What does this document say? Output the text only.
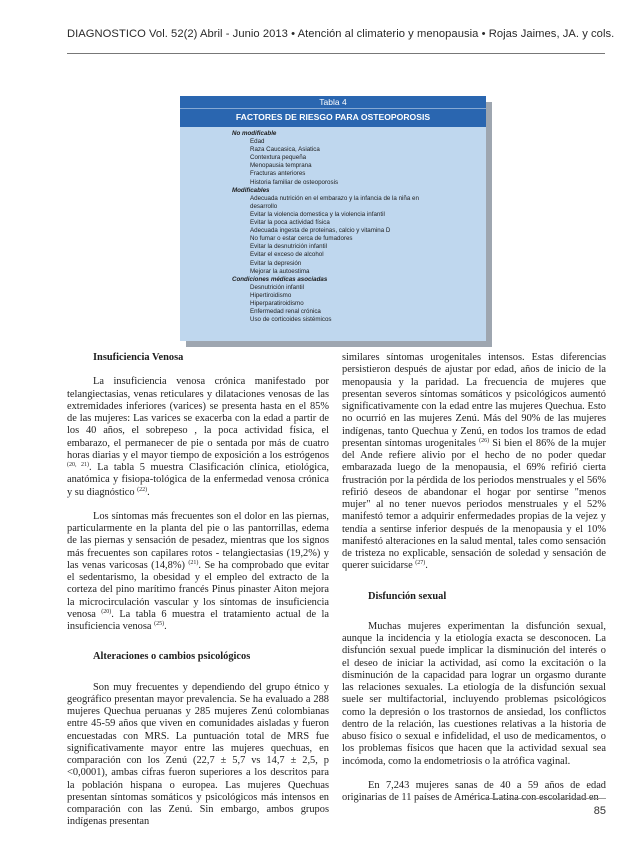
DIAGNOSTICO Vol. 52(2) Abril - Junio 2013 • Atención al climaterio y menopausia • Rojas Jaimes, JA. y cols.
Tabla 4
FACTORES DE RIESGO PARA OSTEOPOROSIS
No modificable
Edad
Raza Caucasica, Asiatica
Contextura pequeña
Menopausia temprana
Fracturas anteriores
Historia familiar de osteoporosis
Modificables
Adecuada nutrición en el embarazo y la infancia de la niña en
desarrollo
Evitar la violencia domestica y la violencia infantil
Evitar la poca actividad física
Adecuada ingesta de proteinas, calcio y vitamina D
No fumar o estar cerca de fumadores
Evitar la desnutrición infantil
Evitar el exceso de alcohol
Evitar la depresión
Mejorar la autoestima
Condiciones médicas asociadas
Desnutrición infantil
Hipertiroidismo
Hiperparatiroidismo
Enfermedad renal crónica
Uso de corticoides sistémicos

Insuficiencia Venosa

La insuficiencia venosa crónica manifestado por telangiectasias, venas reticulares y dilataciones venosas de las extremidades inferiores (varices) se presenta hasta en el 85% de las mujeres: Las varices se exacerba con la edad a partir de los 40 años, el sobrepeso , la poca actividad física, el embarazo, el permanecer de pie o sentada por más de cuatro horas diarias y el mayor tiempo de exposición a los estrógenos $^{(20, 21)}$. La tabla 5 muestra Clasificación clínica, etiológica, anatómica y fisiopa-tológica de la enfermedad venosa crónica y su diagnóstico $^{(22)}$.

Los síntomas más frecuentes son el dolor en las piernas, particularmente en la planta del pie o las pantorrillas, edema de las piernas y sensación de pesadez, mientras que los signos más frecuentes son capilares rotos - telangiectasias (19,2%) y las venas varicosas (14,8%) $^{(21)}$. Se ha comprobado que evitar el sedentarismo, la obesidad y el empleo del extracto de la corteza del pino marítimo francés Pinus pinaster Aiton mejora la microcirculación vascular y los síntomas de insuficiencia venosa $^{(20)}$. La tabla 6 muestra el tratamiento actual de la insuficiencia venosa $^{(25)}$.

Alteraciones o cambios psicológicos

Son muy frecuentes y dependiendo del grupo étnico y geográfico presentan mayor prevalencia. Se ha evaluado a 288 mujeres Quechua peruanas y 285 mujeres Zenú colombianas entre 45-59 años que viven en comunidades aisladas y fueron encuestadas con MRS. La puntuación total de MRS fue significativamente mayor entre las mujeres quechuas, en comparación con los Zenú (22,7 ± 5,7 vs 14,7 ± 2,5, p <0,0001), ambas cifras fueron superiores a los descritos para la población hispana o europea. Las mujeres Quechuas presentan síntomas somáticos y psicológicos más intensos en comparación con las Zenú. Sin embargo, ambos grupos indígenas presentan

similares síntomas urogenitales intensos. Estas diferencias persistieron después de ajustar por edad, años de inicio de la menopausia y la paridad. La frecuencia de mujeres que presentan severos síntomas somáticos y psicológicos aumentó significativamente con la edad entre las mujeres Quechua. Esto no ocurrió en las mujeres Zenú. Más del 90% de las mujeres indígenas, tanto Quechua y Zenú, en todos los tramos de edad presentan síntomas urogenitales $^{(26)}$ Si bien el 86% de la mujer del Ande refiere alivio por el hecho de no poder quedar embarazada luego de la menopausia, el 69% refirió cierta frustración por la pérdida de los periodos menstruales y el 56% refirió deseos de abandonar el hogar por sentirse "menos mujer" al no tener nuevos periodos menstruales y el 52% manifestó temor a adquirir enfermedades propias de la vejez y tendía a sentirse inferior después de la menopausia y el 10% manifestó alteraciones en la salud mental, tales como sensación de tristeza no explicable, sensación de soledad y sensación de querer suicidarse $^{(27)}$.

Disfunción sexual

Muchas mujeres experimentan la disfunción sexual, aunque la incidencia y la etiología exacta se desconocen. La disfunción sexual puede implicar la disminución del interés o el deseo de iniciar la actividad, así como la excitación o la disminución de la capacidad para lograr un orgasmo durante las relaciones sexuales. La etiología de la disfunción sexual suele ser multifactorial, incluyendo problemas psicológicos como la depresión o los trastornos de ansiedad, los conflictos dentro de la relación, las cuestiones relativas a la historia de abuso físico o sexual e infidelidad, el uso de medicamentos, o los problemas físicos que hacen que la actividad sexual sea incómoda, como la endometriosis o la atrófica vaginal.

En 7,243 mujeres sanas de 40 a 59 años de edad originarias de 11 países de América Latina con escolaridad en

85
